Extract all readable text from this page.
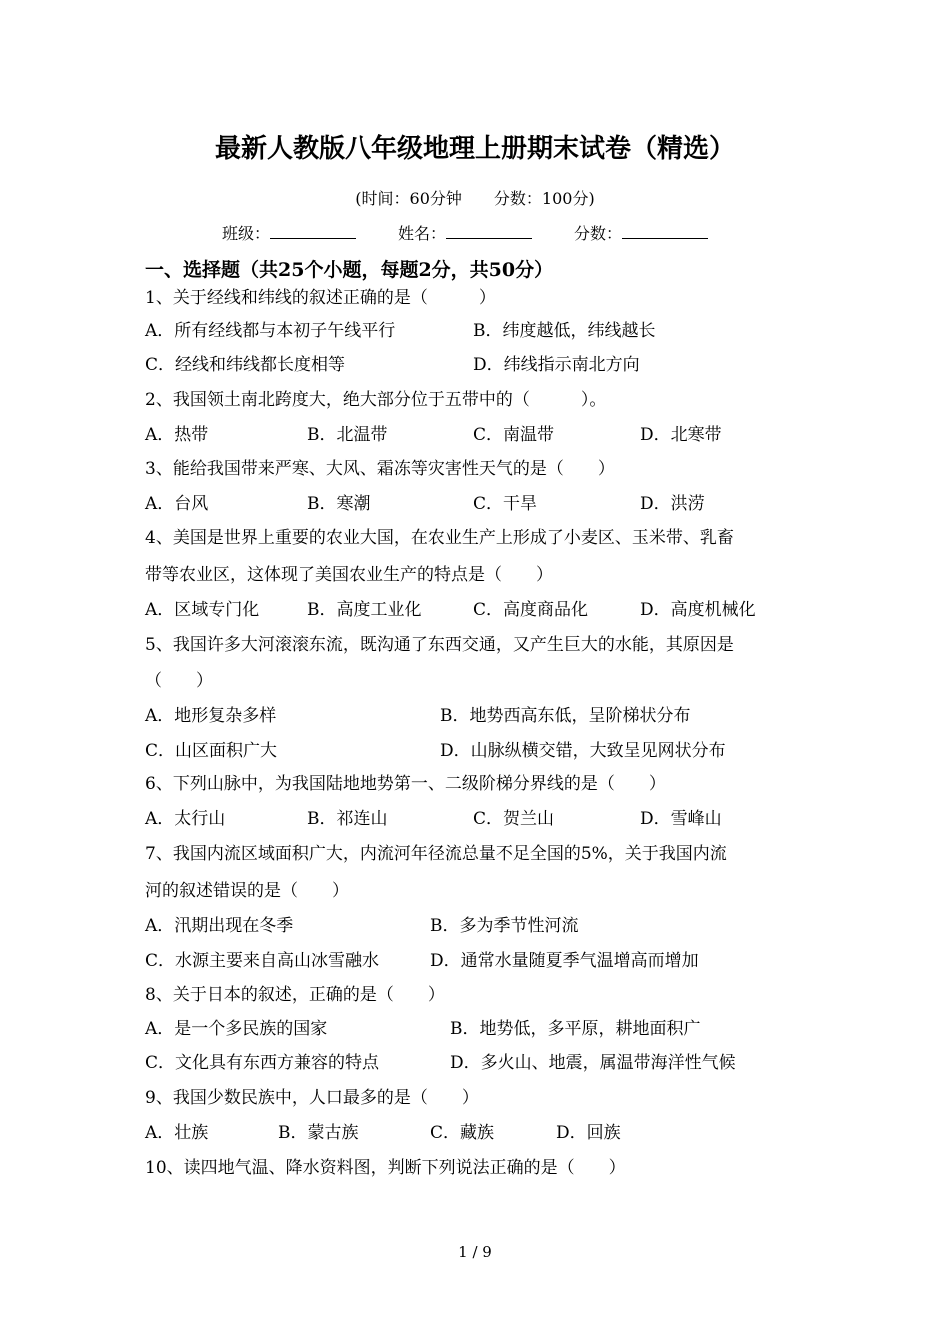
最新人教版八年级地理上册期末试卷（精选）
(时间：60分钟　　分数：100分)
班级：	姓名：	分数：
一、选择题（共25个小题，每题2分，共50分）
1、关于经线和纬线的叙述正确的是（　　　）
A．所有经线都与本初子午线平行	B．纬度越低，纬线越长
C．经线和纬线都长度相等	D．纬线指示南北方向
2、我国领土南北跨度大，绝大部分位于五带中的（　　　）。
A．热带	B．北温带	C．南温带	D．北寒带
3、能给我国带来严寒、大风、霜冻等灾害性天气的是（　　）
A．台风	B．寒潮	C．干旱	D．洪涝
4、美国是世界上重要的农业大国，在农业生产上形成了小麦区、玉米带、乳畜
带等农业区，这体现了美国农业生产的特点是（　　）
A．区域专门化	B．高度工业化	C．高度商品化	D．高度机械化
5、我国许多大河滚滚东流，既沟通了东西交通，又产生巨大的水能，其原因是
（　　）
A．地形复杂多样	B．地势西高东低，呈阶梯状分布
C．山区面积广大	D．山脉纵横交错，大致呈见网状分布
6、下列山脉中，为我国陆地地势第一、二级阶梯分界线的是（　　）
A．太行山	B．祁连山	C．贺兰山	D．雪峰山
7、我国内流区域面积广大，内流河年径流总量不足全国的5%，关于我国内流
河的叙述错误的是（　　）
A．汛期出现在冬季	B．多为季节性河流
C．水源主要来自高山冰雪融水	D．通常水量随夏季气温增高而增加
8、关于日本的叙述，正确的是（　　）
A．是一个多民族的国家	B．地势低，多平原，耕地面积广
C．文化具有东西方兼容的特点	D．多火山、地震，属温带海洋性气候
9、我国少数民族中，人口最多的是（　　）
A．壮族	B．蒙古族	C．藏族	D．回族
10、读四地气温、降水资料图，判断下列说法正确的是（　　）
1 / 9
